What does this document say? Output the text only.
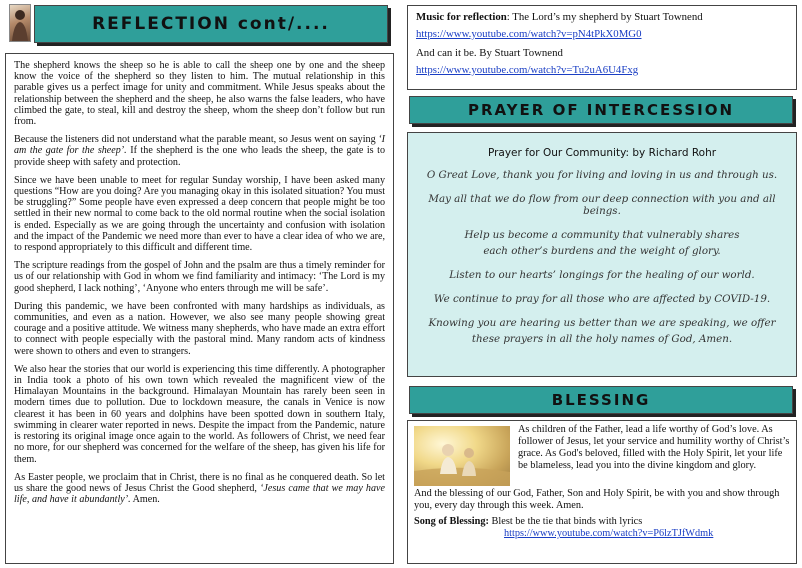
REFLECTION cont/....

The shepherd knows the sheep so he is able to call the sheep one by one and the sheep know the voice of the shepherd so they listen to him. The mutual relationship in this parable gives us a perfect image for unity and commitment. While Jesus speaks about the relationship between the shepherd and the sheep, he also warns the false leaders, who have climbed the gate, to steal, kill and destroy the sheep, whom the sheep don’t follow but run from.

Because the listeners did not understand what the parable meant, so Jesus went on saying ‘I am the gate for the sheep’. If the shepherd is the one who leads the sheep, the gate is to provide sheep with safety and protection.

Since we have been unable to meet for regular Sunday worship, I have been asked many questions “How are you doing? Are you managing okay in this isolated situation? You must be struggling?” Some people have even expressed a deep concern that people might be too settled in their new normal to come back to the old normal routine when the social isolation is ended. Especially as we are going through the uncertainty and confusion with isolation and the impact of the Pandemic we need more than ever to have a clear idea of who we are, to respond appropriately to this difficult and different time.

The scripture readings from the gospel of John and the psalm are thus a timely reminder for us of our relationship with God in whom we find familiarity and intimacy: ‘The Lord is my good shepherd, I lack nothing’, ‘Anyone who enters through me will be safe’.

During this pandemic, we have been confronted with many hardships as individuals, as communities, and even as a nation. However, we also see many people showing great courage and a positive attitude. We witness many shepherds, who have made an extra effort to connect with people especially with the pastoral mind. Many random acts of kindness were shown to others and even to strangers.

We also hear the stories that our world is experiencing this time differently. A photographer in India took a photo of his own town which revealed the magnificent view of the Himalayan Mountains in the background. Himalayan Mountain has rarely been seen in modern times due to pollution. Due to lockdown measure, the canals in Venice is now clearest it has been in 60 years and dolphins have been spotted down in southern Italy, swimming in clearer water reported in news. Despite the impact from the Pandemic, nature is restoring its original image once again to the world. As followers of Christ, we need fear no more, for our shepherd was concerned for the welfare of the sheep, has given his life for them.

As Easter people, we proclaim that in Christ, there is no final as he conquered death. So let us share the good news of Jesus Christ the Good shepherd, ‘Jesus came that we may have life, and have it abundantly’. Amen.

Music for reflection: The Lord’s my shepherd by Stuart Townend

https://www.youtube.com/watch?v=pN4tPkX0MG0

And can it be. By Stuart Townend

https://www.youtube.com/watch?v=Tu2uA6U4Fxg

PRAYER OF INTERCESSION

Prayer for Our Community: by Richard Rohr

O Great Love, thank you for living and loving in us and through us.

May all that we do flow from our deep connection with you and all beings.

Help us become a community that vulnerably shares

each other’s burdens and the weight of glory.

Listen to our hearts’ longings for the healing of our world.

We continue to pray for all those who are affected by COVID-19.

Knowing you are hearing us better than we are speaking, we offer

these prayers in all the holy names of God, Amen.

BLESSING

As children of the Father, lead a life worthy of God’s love. As follower of Jesus, let your service and humility worthy of Christ’s grace. As God's beloved, filled with the Holy Spirit, let your life be blameless, lead you into the divine kingdom and glory.

And the blessing of our God, Father, Son and Holy Spirit, be with you and show through you, every day through this week. Amen.

Song of Blessing: Blest be the tie that binds with lyrics

https://www.youtube.com/watch?v=P6lzTJfWdmk
